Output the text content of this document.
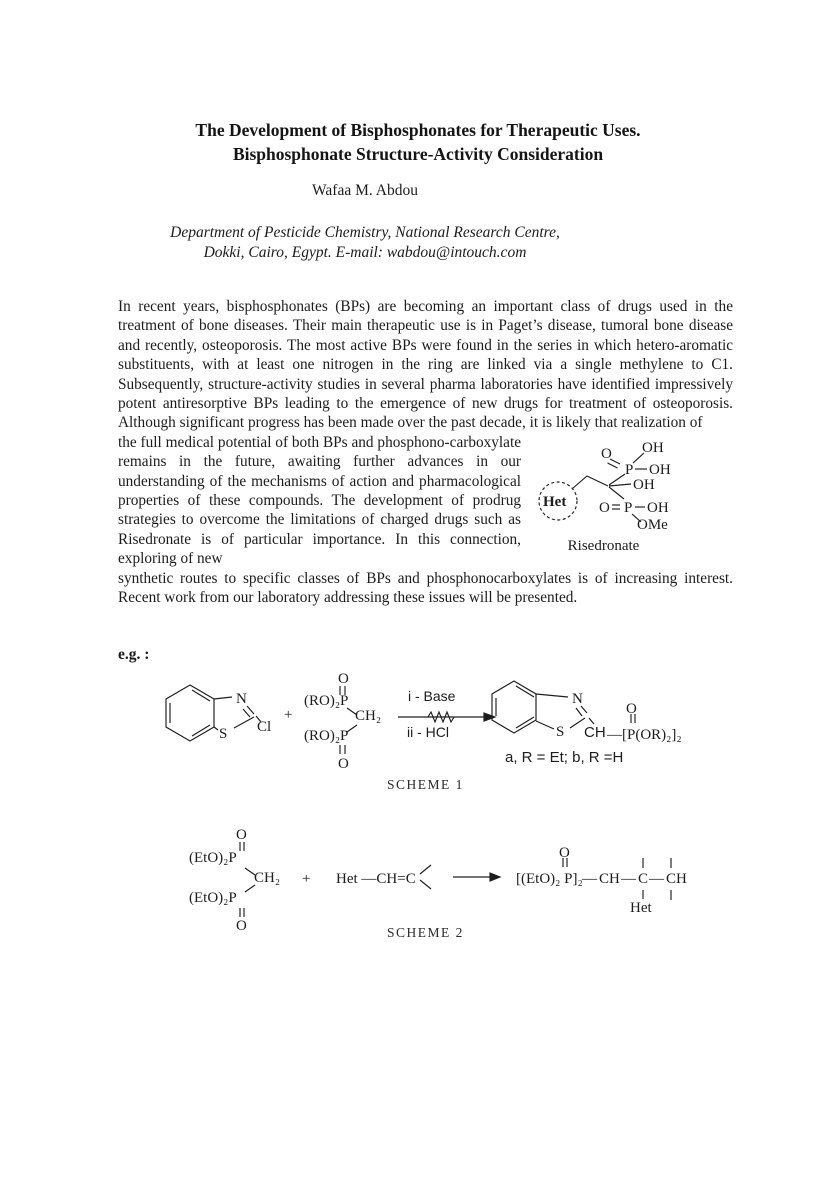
The Development of Bisphosphonates for Therapeutic Uses.
Bisphosphonate Structure-Activity Consideration
Wafaa M. Abdou
Department of Pesticide Chemistry, National Research Centre,
Dokki, Cairo, Egypt. E-mail: wabdou@intouch.com

In recent years, bisphosphonates (BPs) are becoming an important class of drugs used in the treatment of bone diseases. Their main therapeutic use is in Paget’s disease, tumoral bone disease and recently, osteoporosis. The most active BPs were found in the series in which hetero-aromatic substituents, with at least one nitrogen in the ring are linked via a single methylene to C1. Subsequently, structure-activity studies in several pharma laboratories have identified impressively potent antiresorptive BPs leading to the emergence of new drugs for treatment of osteoporosis. Although significant progress has been made over the past decade, it is likely that realization of

the full medical potential of both BPs and phosphono-carboxylate remains in the future, awaiting further advances in our understanding of the mechanisms of action and pharmacological properties of these compounds. The development of prodrug strategies to overcome the limitations of charged drugs such as Risedronate is of particular importance. In this connection, exploring of new

Het
O OH
P OH
OH
O P OH
OMe
Risedronate

synthetic routes to specific classes of BPs and phosphonocarboxylates is of increasing interest. Recent work from our laboratory addressing these issues will be presented.

e.g. :
N
S Cl
+
O
(RO)₂P
CH₂
(RO)₂P
O
i - Base
ii - HCl
N
S CH —[P(OR)₂]₂
O
a, R = Et; b, R =H
SCHEME 1
O
(EtO)₂P
CH₂
(EtO)₂P
O
+ Het —CH=C
O
[(EtO)₂ P]₂ — CH — C — CH
Het
SCHEME 2
